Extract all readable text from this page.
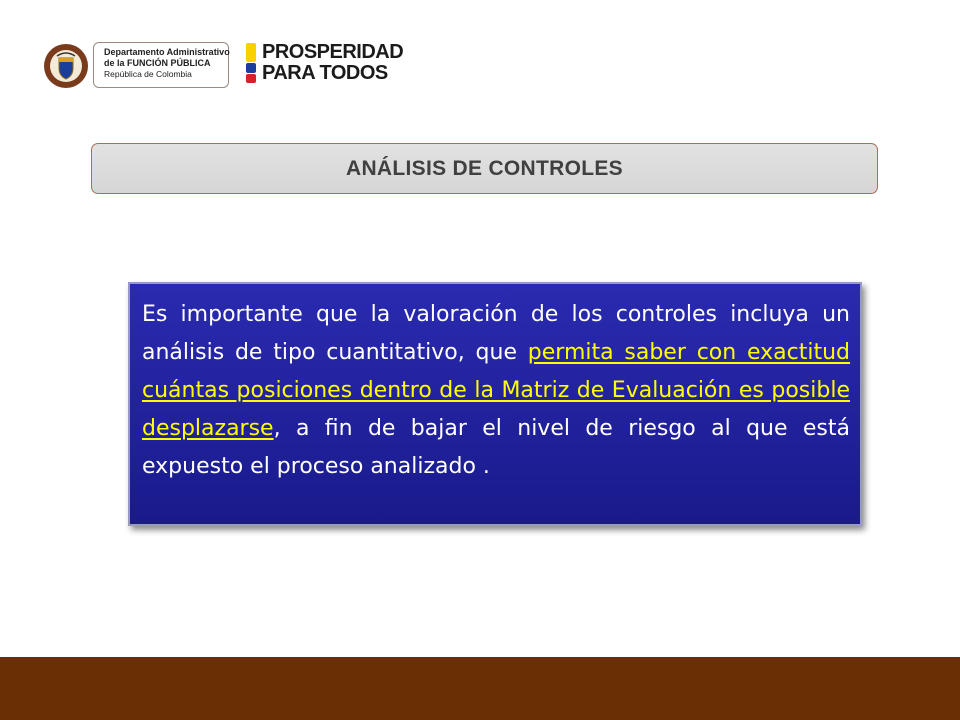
Departamento Administrativo
de la FUNCIÓN PÚBLICA
República de Colombia
PROSPERIDAD
PARA TODOS
ANÁLISIS DE CONTROLES

Es importante que la valoración de los controles incluya un análisis de tipo cuantitativo, que permita saber con exactitud cuántas posiciones dentro de la Matriz de Evaluación es posible desplazarse, a fin de bajar el nivel de riesgo al que está expuesto el proceso analizado .
